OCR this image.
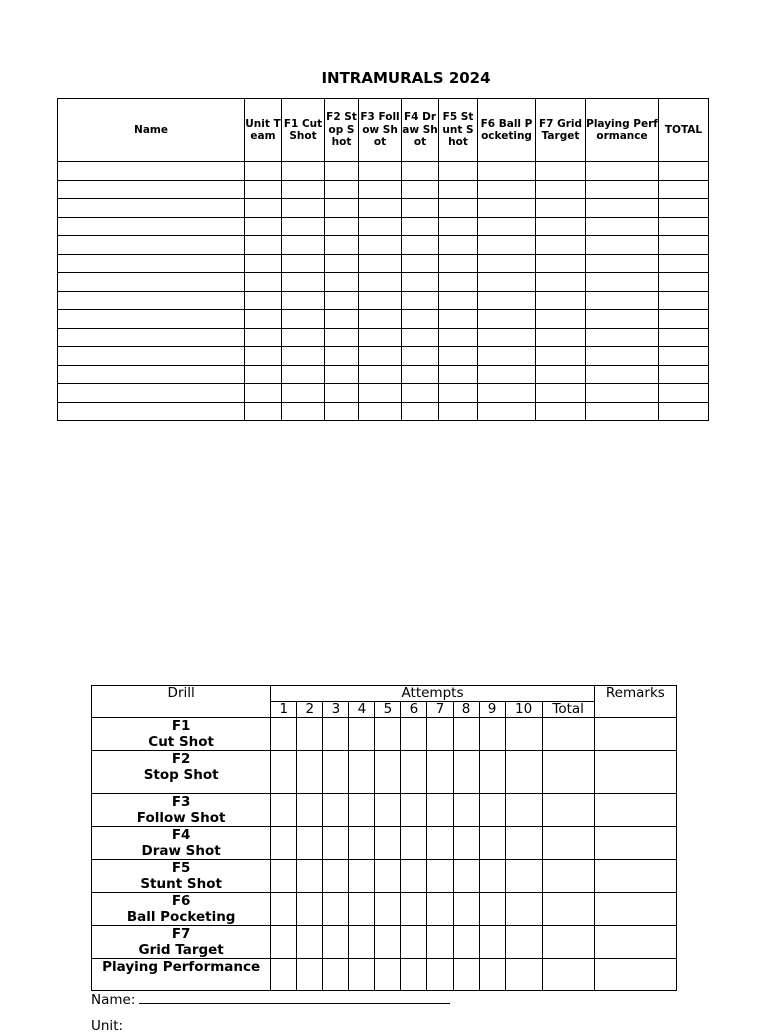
INTRAMURALS 2024
Name	Unit Team	F1 Cut Shot	F2 Stop Shot	F3 Follow Shot	F4 Draw Shot	F5 Stunt Shot	F6 Ball Pocketing	F7 Grid Target	Playing Performance	TOTAL

Drill	Attempts											Remarks
	1	2	3	4	5	6	7	8	9	10	Total	

F1
Cut Shot												

F2
Stop Shot												

F3
Follow Shot												

F4
Draw Shot												

F5
Stunt Shot												

F6
Ball Pocketing												

F7
Grid Target												

Playing Performance												

Name:
Unit:
